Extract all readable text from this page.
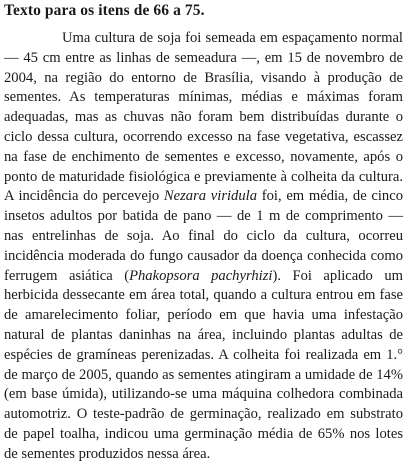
Texto para os itens de 66 a 75.

Uma cultura de soja foi semeada em espaçamento normal — 45 cm entre as linhas de semeadura —, em 15 de novembro de 2004, na região do entorno de Brasília, visando à produção de sementes. As temperaturas mínimas, médias e máximas foram adequadas, mas as chuvas não foram bem distribuídas durante o ciclo dessa cultura, ocorrendo excesso na fase vegetativa, escassez na fase de enchimento de sementes e excesso, novamente, após o ponto de maturidade fisiológica e previamente à colheita da cultura. A incidência do percevejo Nezara viridula foi, em média, de cinco insetos adultos por batida de pano — de 1 m de comprimento — nas entrelinhas de soja. Ao final do ciclo da cultura, ocorreu incidência moderada do fungo causador da doença conhecida como ferrugem asiática (Phakopsora pachyrhizi). Foi aplicado um herbicida dessecante em área total, quando a cultura entrou em fase de amarelecimento foliar, período em que havia uma infestação natural de plantas daninhas na área, incluindo plantas adultas de espécies de gramíneas perenizadas. A colheita foi realizada em 1.° de março de 2005, quando as sementes atingiram a umidade de 14% (em base úmida), utilizando-se uma máquina colhedora combinada automotriz. O teste-padrão de germinação, realizado em substrato de papel toalha, indicou uma germinação média de 65% nos lotes de sementes produzidos nessa área.
